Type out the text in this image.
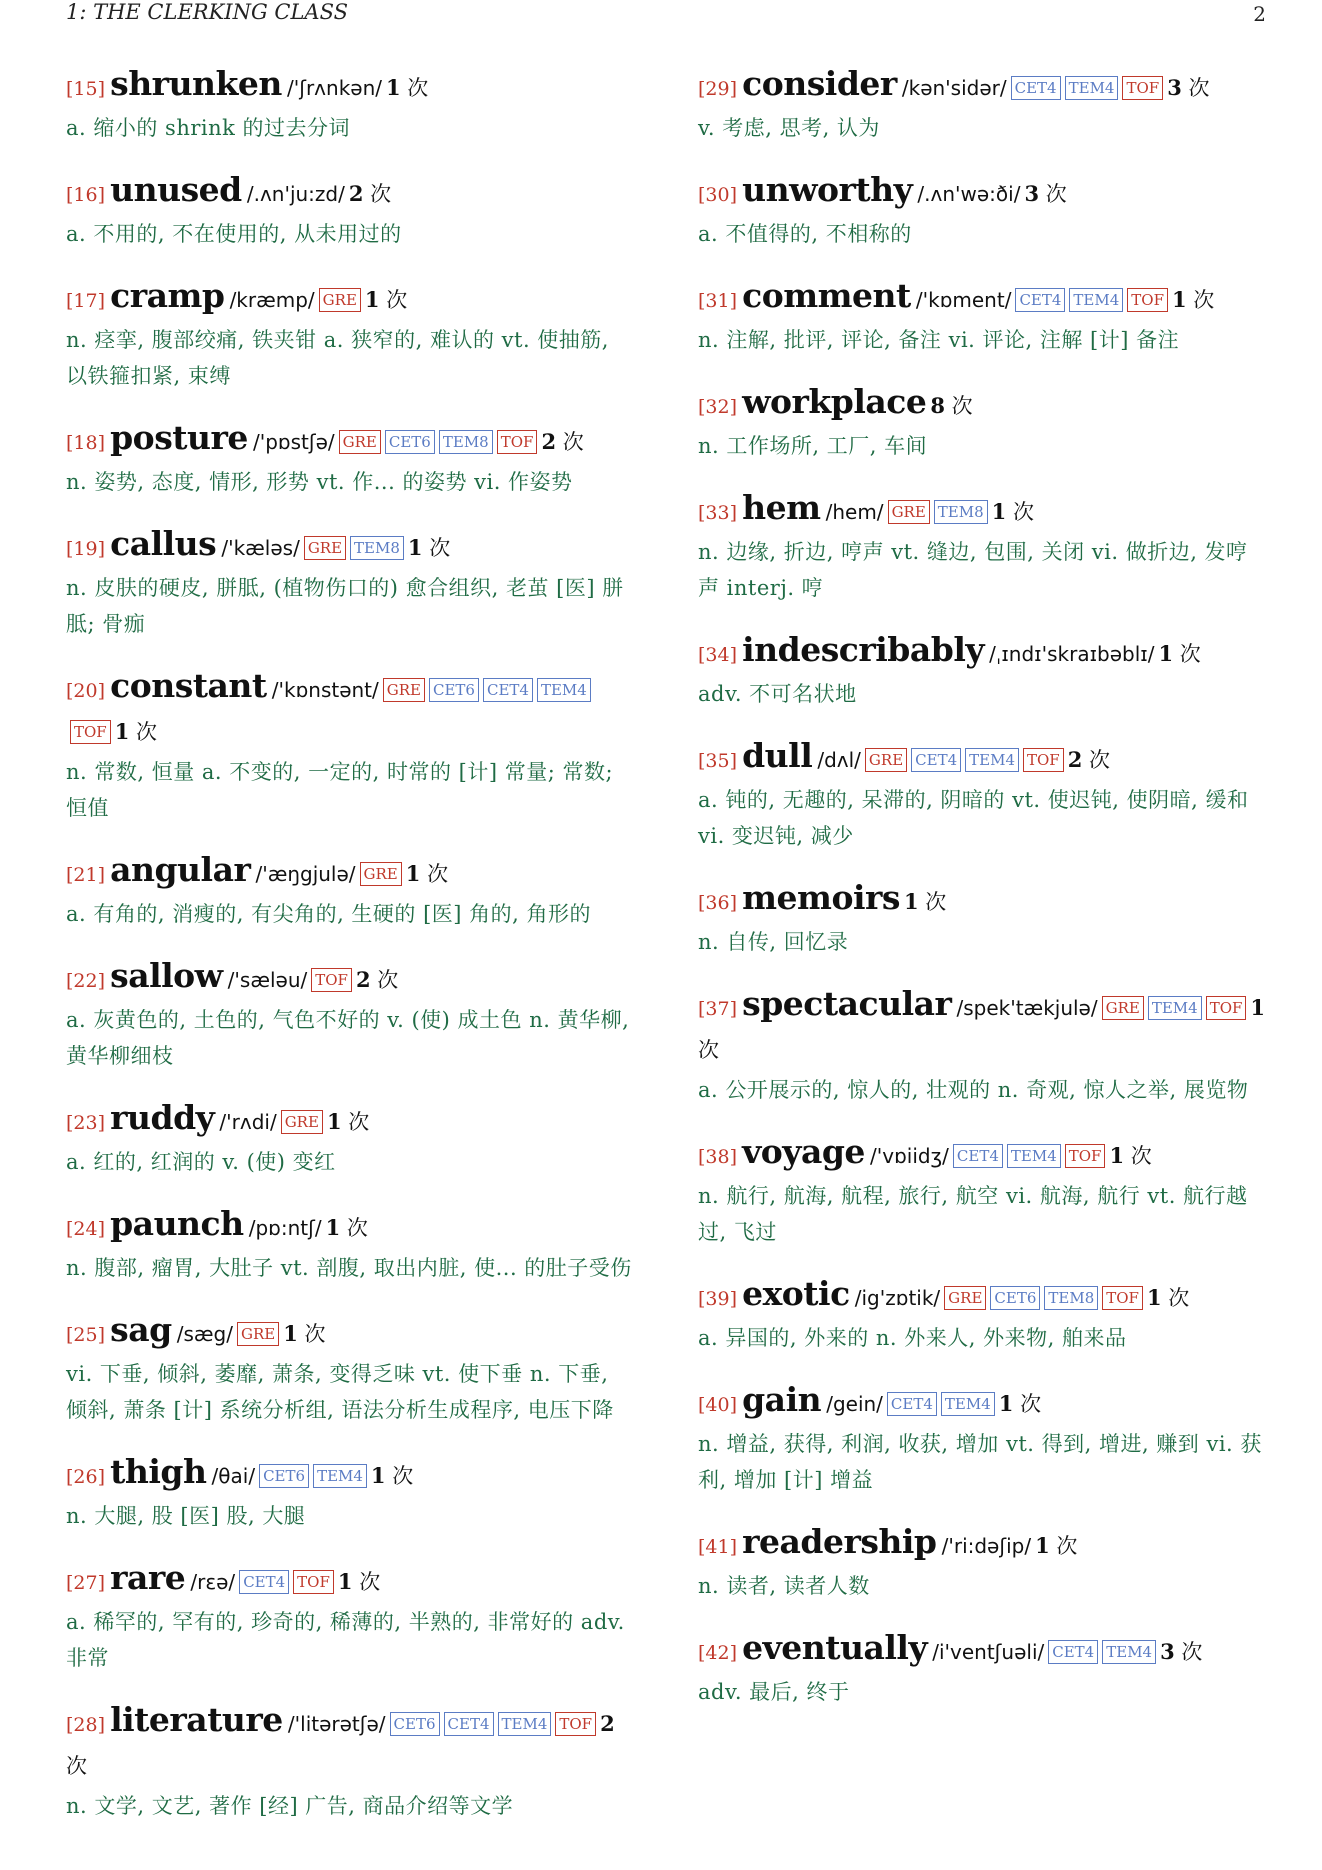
1: THE CLERKING CLASS	2
[15] shrunken /'ʃrʌnkən/ 1 次
a. 缩小的 shrink 的过去分词
[16] unused /.ʌn'ju:zd/ 2 次
a. 不用的, 不在使用的, 从未用过的
[17] cramp /kræmp/ GRE 1 次
n. 痉挛, 腹部绞痛, 铁夹钳 a. 狭窄的, 难认的 vt. 使抽筋, 以铁箍扣紧, 束缚
[18] posture /'pɒstʃə/ GRE CET6 TEM8 TOF 2 次
n. 姿势, 态度, 情形, 形势 vt. 作... 的姿势 vi. 作姿势
[19] callus /'kæləs/ GRE TEM8 1 次
n. 皮肤的硬皮, 胼胝, (植物伤口的) 愈合组织, 老茧 [医] 胼胝; 骨痂
[20] constant /'kɒnstənt/ GRE CET6 CET4 TEM4TOF 1 次
n. 常数, 恒量 a. 不变的, 一定的, 时常的 [计] 常量; 常数; 恒值
[21] angular /'æŋgjulə/ GRE 1 次
a. 有角的, 消瘦的, 有尖角的, 生硬的 [医] 角的, 角形的
[22] sallow /'sæləu/ TOF 2 次
a. 灰黄色的, 土色的, 气色不好的 v. (使) 成土色 n. 黄华柳, 黄华柳细枝
[23] ruddy /'rʌdi/ GRE 1 次
a. 红的, 红润的 v. (使) 变红
[24] paunch /pɒ:ntʃ/ 1 次
n. 腹部, 瘤胃, 大肚子 vt. 剖腹, 取出内脏, 使... 的肚子受伤
[25] sag /sæg/ GRE 1 次
vi. 下垂, 倾斜, 萎靡, 萧条, 变得乏味 vt. 使下垂 n. 下垂, 倾斜, 萧条 [计] 系统分析组, 语法分析生成程序, 电压下降
[26] thigh /θai/ CET6 TEM4 1 次
n. 大腿, 股 [医] 股, 大腿
[27] rare /rεə/ CET4 TOF 1 次
a. 稀罕的, 罕有的, 珍奇的, 稀薄的, 半熟的, 非常好的 adv. 非常
[28] literature /'litərətʃə/ CET6 CET4 TEM4 TOF 2 次
n. 文学, 文艺, 著作 [经] 广告, 商品介绍等文学
[29] consider /kən'sidər/ CET4 TEM4 TOF 3 次
v. 考虑, 思考, 认为
[30] unworthy /.ʌn'wə:ði/ 3 次
a. 不值得的, 不相称的
[31] comment /'kɒment/ CET4 TEM4 TOF 1 次
n. 注解, 批评, 评论, 备注 vi. 评论, 注解 [计] 备注
[32] workplace 8 次
n. 工作场所, 工厂, 车间
[33] hem /hem/ GRE TEM8 1 次
n. 边缘, 折边, 哼声 vt. 缝边, 包围, 关闭 vi. 做折边, 发哼声 interj. 哼
[34] indescribably /ˌɪndɪ'skraɪbəblɪ/ 1 次
adv. 不可名状地
[35] dull /dʌl/ GRE CET4 TEM4 TOF 2 次
a. 钝的, 无趣的, 呆滞的, 阴暗的 vt. 使迟钝, 使阴暗, 缓和 vi. 变迟钝, 减少
[36] memoirs 1 次
n. 自传, 回忆录
[37] spectacular /spek'tækjulə/ GRE TEM4 TOF 1 次
a. 公开展示的, 惊人的, 壮观的 n. 奇观, 惊人之举, 展览物
[38] voyage /'vɒiidʒ/ CET4 TEM4 TOF 1 次
n. 航行, 航海, 航程, 旅行, 航空 vi. 航海, 航行 vt. 航行越过, 飞过
[39] exotic /ig'zɒtik/ GRE CET6 TEM8 TOF 1 次
a. 异国的, 外来的 n. 外来人, 外来物, 舶来品
[40] gain /gein/ CET4 TEM4 1 次
n. 增益, 获得, 利润, 收获, 增加 vt. 得到, 增进, 赚到 vi. 获利, 增加 [计] 增益
[41] readership /'ri:dəʃip/ 1 次
n. 读者, 读者人数
[42] eventually /i'ventʃuəli/ CET4 TEM4 3 次
adv. 最后, 终于
